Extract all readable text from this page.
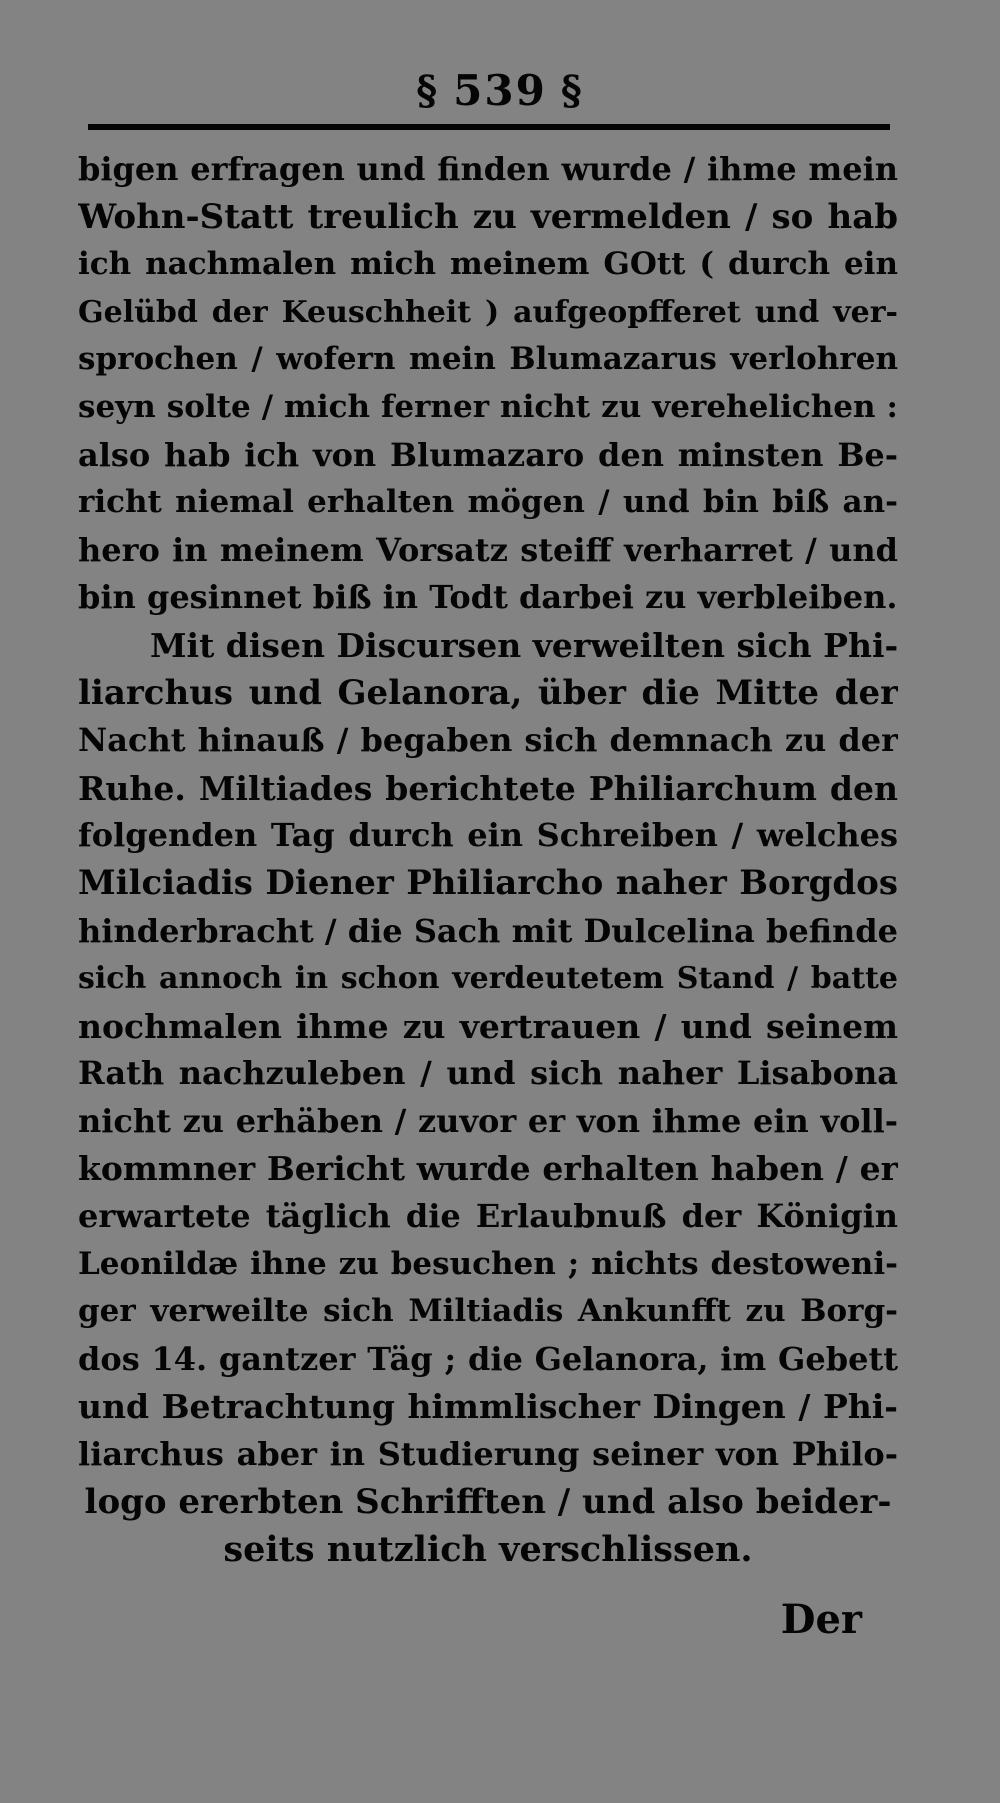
§ 539 §
bigen erfragen und finden wurde / ihme mein
Wohn-Statt treulich zu vermelden / so hab
ich nachmalen mich meinem GOtt ( durch ein
Gelübd der Keuschheit ) aufgeopfferet und ver-
sprochen / wofern mein Blumazarus verlohren
seyn solte / mich ferner nicht zu verehelichen :
also hab ich von Blumazaro den minsten Be-
richt niemal erhalten mögen / und bin biß an-
hero in meinem Vorsatz steiff verharret / und
bin gesinnet biß in Todt darbei zu verbleiben.
Mit disen Discursen verweilten sich Phi-
liarchus und Gelanora, über die Mitte der
Nacht hinauß / begaben sich demnach zu der
Ruhe. Miltiades berichtete Philiarchum den
folgenden Tag durch ein Schreiben / welches
Milciadis Diener Philiarcho naher Borgdos
hinderbracht / die Sach mit Dulcelina befinde
sich annoch in schon verdeutetem Stand / batte
nochmalen ihme zu vertrauen / und seinem
Rath nachzuleben / und sich naher Lisabona
nicht zu erhäben / zuvor er von ihme ein voll-
kommner Bericht wurde erhalten haben / er
erwartete täglich die Erlaubnuß der Königin
Leonildæ ihne zu besuchen ; nichts destoweni-
ger verweilte sich Miltiadis Ankunfft zu Borg-
dos 14. gantzer Täg ; die Gelanora, im Gebett
und Betrachtung himmlischer Dingen / Phi-
liarchus aber in Studierung seiner von Philo-
logo ererbten Schrifften / und also beider-
seits nutzlich verschlissen.
Der
